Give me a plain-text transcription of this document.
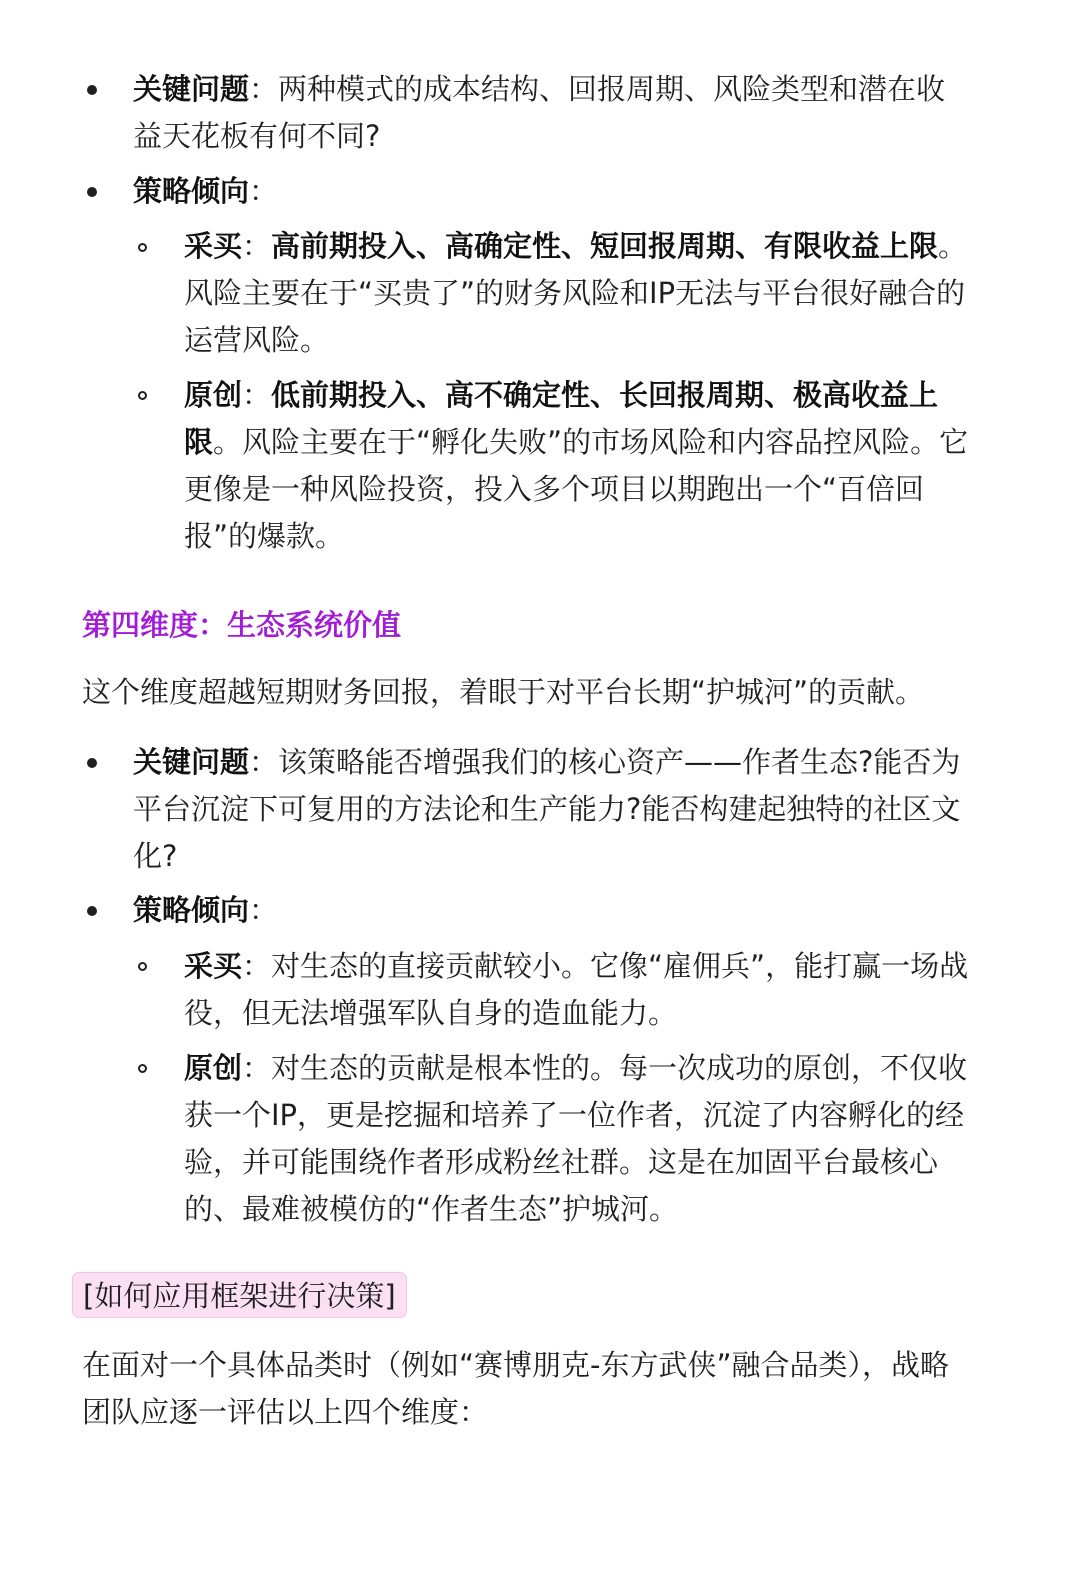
关键问题：两种模式的成本结构、回报周期、风险类型和潜在收益天花板有何不同?
策略倾向：
采买：高前期投入、高确定性、短回报周期、有限收益上限。风险主要在于“买贵了”的财务风险和IP无法与平台很好融合的运营风险。
原创：低前期投入、高不确定性、长回报周期、极高收益上限。风险主要在于“孵化失败”的市场风险和内容品控风险。它更像是一种风险投资，投入多个项目以期跑出一个“百倍回报”的爆款。
第四维度：生态系统价值
这个维度超越短期财务回报，着眼于对平台长期“护城河”的贡献。
关键问题：该策略能否增强我们的核心资产——作者生态?能否为平台沉淀下可复用的方法论和生产能力?能否构建起独特的社区文化?
策略倾向：
采买：对生态的直接贡献较小。它像“雇佣兵”，能打赢一场战役，但无法增强军队自身的造血能力。
原创：对生态的贡献是根本性的。每一次成功的原创，不仅收获一个IP，更是挖掘和培养了一位作者，沉淀了内容孵化的经验，并可能围绕作者形成粉丝社群。这是在加固平台最核心的、最难被模仿的“作者生态”护城河。
[如何应用框架进行决策]
在面对一个具体品类时（例如“赛博朋克-东方武侠”融合品类），战略团队应逐一评估以上四个维度：
